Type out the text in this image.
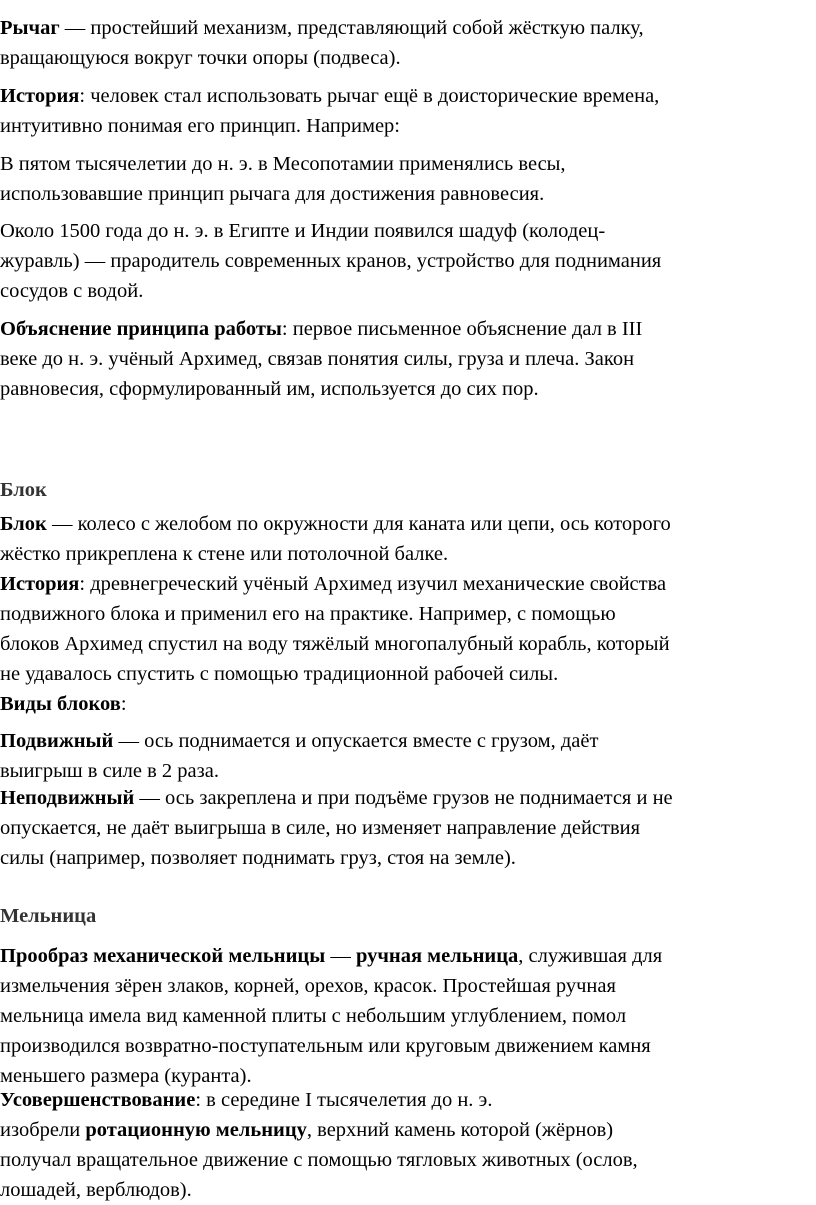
Рычаг — простейший механизм, представляющий собой жёсткую палку,
вращающуюся вокруг точки опоры (подвеса).

История: человек стал использовать рычаг ещё в доисторические времена,
интуитивно понимая его принцип. Например:

В пятом тысячелетии до н. э. в Месопотамии применялись весы,
использовавшие принцип рычага для достижения равновесия.

Около 1500 года до н. э. в Египте и Индии появился шадуф (колодец-
журавль) — прародитель современных кранов, устройство для поднимания
сосудов с водой.

Объяснение принципа работы: первое письменное объяснение дал в III
веке до н. э. учёный Архимед, связав понятия силы, груза и плеча. Закон
равновесия, сформулированный им, используется до сих пор.

Блок

Блок — колесо с желобом по окружности для каната или цепи, ось которого
жёстко прикреплена к стене или потолочной балке.

История: древнегреческий учёный Архимед изучил механические свойства
подвижного блока и применил его на практике. Например, с помощью
блоков Архимед спустил на воду тяжёлый многопалубный корабль, который
не удавалось спустить с помощью традиционной рабочей силы.

Виды блоков:

Подвижный — ось поднимается и опускается вместе с грузом, даёт
выигрыш в силе в 2 раза.

Неподвижный — ось закреплена и при подъёме грузов не поднимается и не
опускается, не даёт выигрыша в силе, но изменяет направление действия
силы (например, позволяет поднимать груз, стоя на земле).

Мельница

Прообраз механической мельницы — ручная мельница, служившая для
измельчения зёрен злаков, корней, орехов, красок. Простейшая ручная
мельница имела вид каменной плиты с небольшим углублением, помол
производился возвратно-поступательным или круговым движением камня
меньшего размера (куранта).

Усовершенствование: в середине I тысячелетия до н. э.
изобрели ротационную мельницу, верхний камень которой (жёрнов)
получал вращательное движение с помощью тягловых животных (ослов,
лошадей, верблюдов).
